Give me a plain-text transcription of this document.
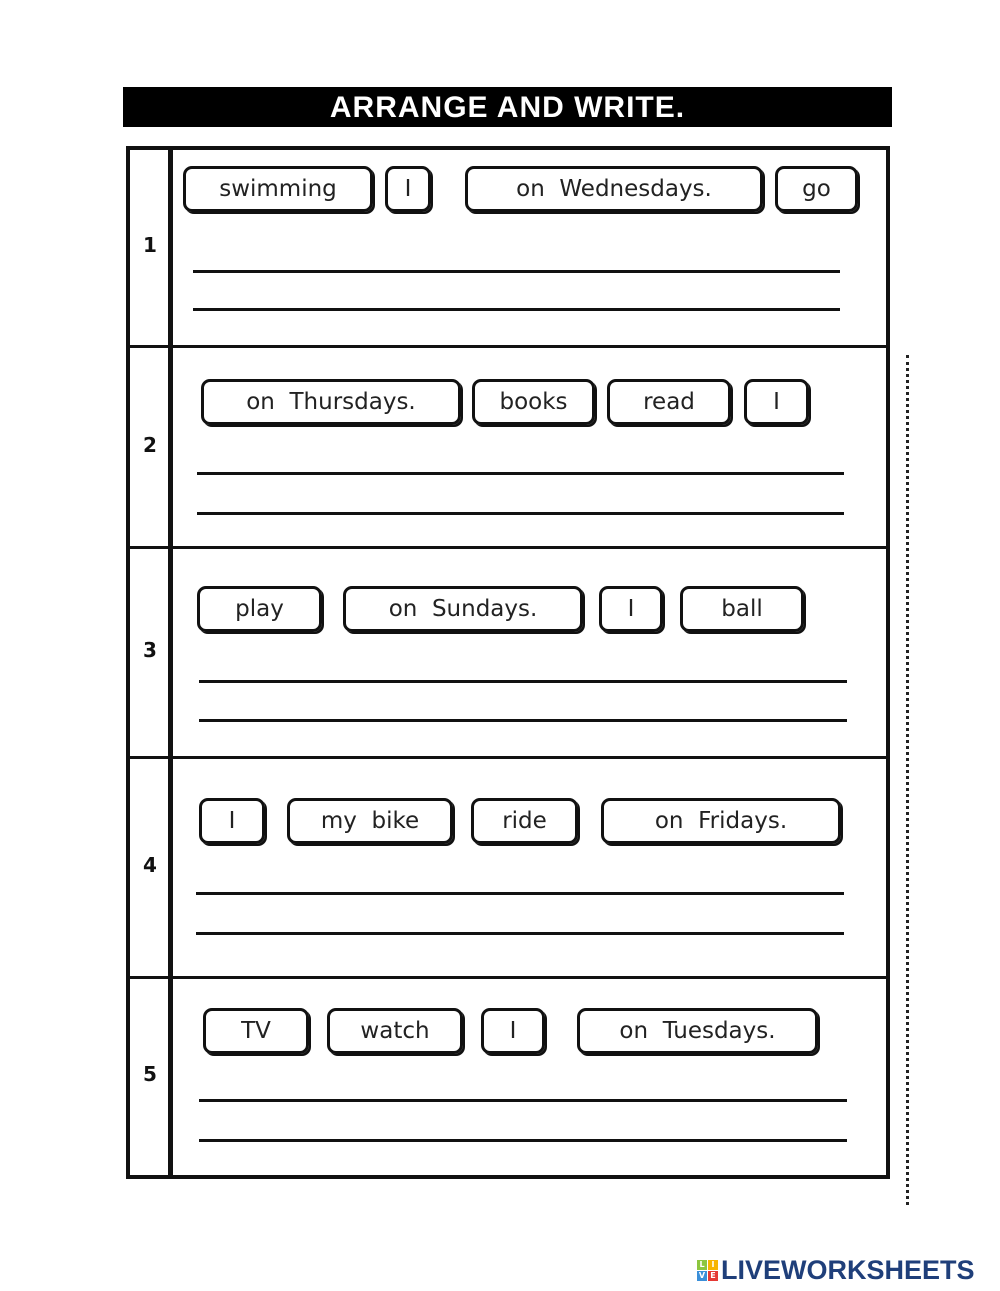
ARRANGE AND WRITE.
1
swimming	I	on  Wednesdays.	go
2
on  Thursdays.	books	read	I
3
play	on  Sundays.	I	ball
4
I	my  bike	ride	on  Fridays.
5
TV	watch	I	on  Tuesdays.
L I
V E LIVEWORKSHEETS
